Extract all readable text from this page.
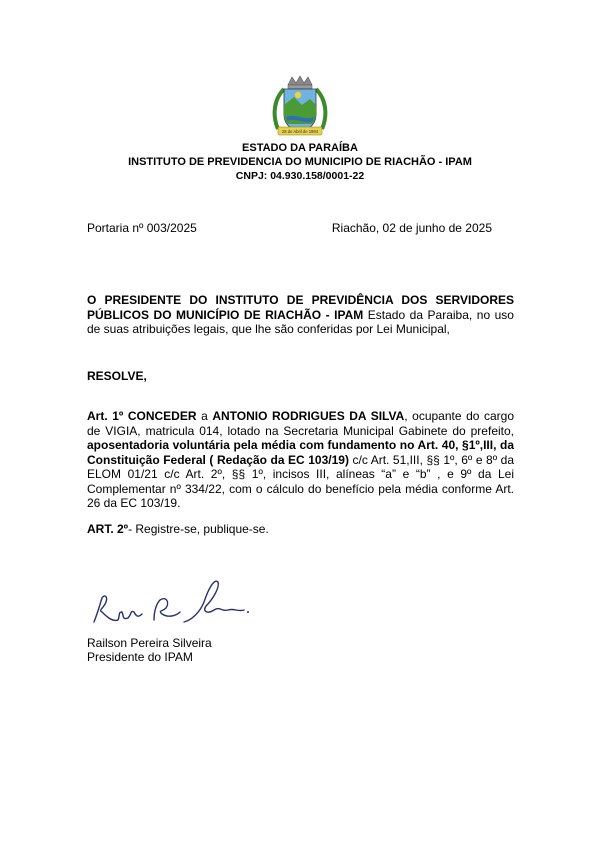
28 de Abril de 1994
ESTADO DA PARAÍBA
INSTITUTO DE PREVIDENCIA DO MUNICIPIO DE RIACHÃO - IPAM
CNPJ: 04.930.158/0001-22
Portaria nº 003/2025	Riachão, 02 de junho de 2025
O PRESIDENTE DO INSTITUTO DE PREVIDÊNCIA DOS SERVIDORES PÚBLICOS DO MUNICÍPIO DE RIACHÃO - IPAM Estado da Paraiba, no uso de suas atribuições legais, que lhe são conferidas por Lei Municipal,
RESOLVE,
Art. 1º CONCEDER a ANTONIO RODRIGUES DA SILVA, ocupante do cargo de VIGIA, matricula 014, lotado na Secretaria Municipal Gabinete do prefeito, aposentadoria voluntária pela média com fundamento no Art. 40, §1º,III, da Constituição Federal ( Redação da EC 103/19) c/c Art. 51,III, §§ 1º, 6º e 8º da ELOM 01/21 c/c Art. 2º, §§ 1º, incisos III, alíneas “a” e “b” , e 9º da Lei Complementar nº 334/22, com o cálculo do benefício pela média conforme Art. 26 da EC 103/19.
ART. 2º- Registre-se, publique-se.
Railson Pereira Silveira
Presidente do IPAM
